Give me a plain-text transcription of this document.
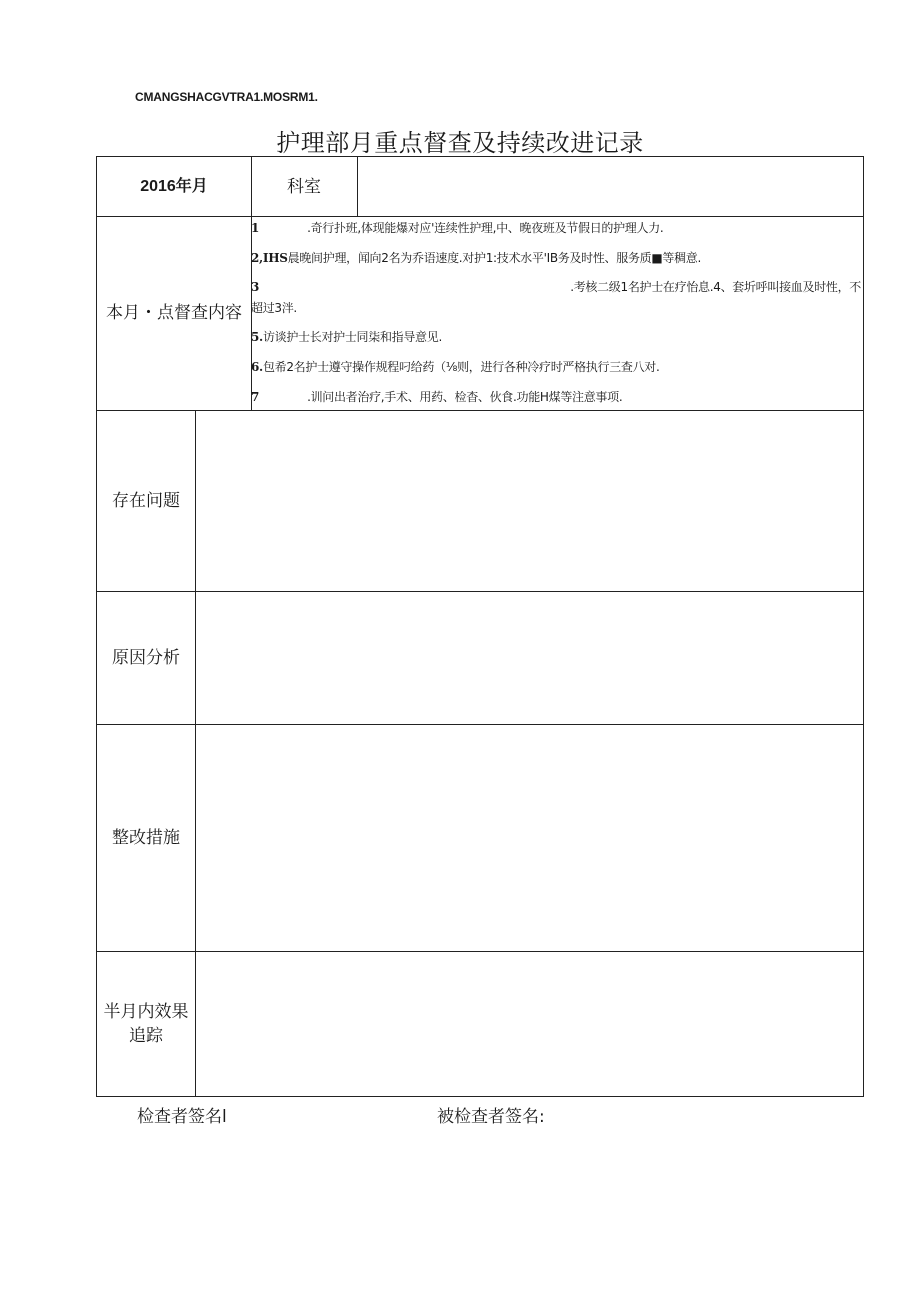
CMANGSHACGVTRA1.MOSRM1.
护理部月重点督查及持续改进记录
2016年月	科室
本月・点督查内容
1	.奇行扑班,体现能爆对应'连续性护理,中、晚夜班及节假日的护理人力.
2,IHS晨晚间护理，闻向2名为乔语速度.对护1:技术水平'IB务及时性、服务质■等稠意.
3	.考核二级1名护士在疗怡息.4、套圻呼叫接血及时性，不
超过3泮.
5.访谈护士长对护士同柒和指导意见.
6.包希2名护士遵守操作规程叼给药（⅛则，进行各种冷疗时严格执行三查八对.
7	.训问出者治疗,手术、用药、检杳、伙食.功能H煤等注意事项.
存在问题
原因分析
整改措施
半月内效果追踪
检查者签名l	被检查者签名:
